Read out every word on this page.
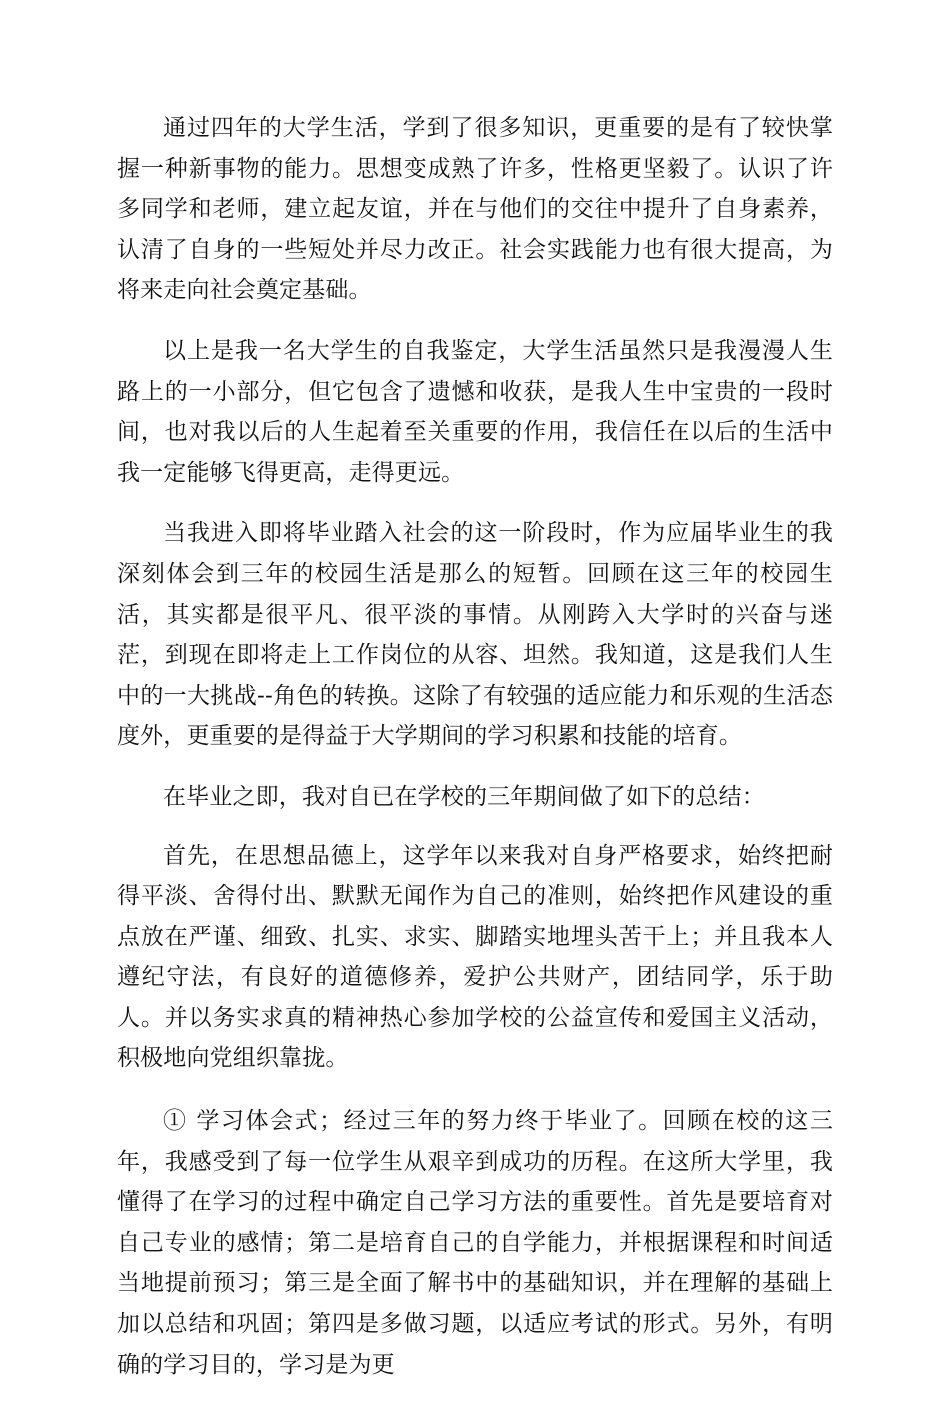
通过四年的大学生活，学到了很多知识，更重要的是有了较快掌握一种新事物的能力。思想变成熟了许多，性格更坚毅了。认识了许多同学和老师，建立起友谊，并在与他们的交往中提升了自身素养，认清了自身的一些短处并尽力改正。社会实践能力也有很大提高，为将来走向社会奠定基础。

以上是我一名大学生的自我鉴定，大学生活虽然只是我漫漫人生路上的一小部分，但它包含了遗憾和收获，是我人生中宝贵的一段时间，也对我以后的人生起着至关重要的作用，我信任在以后的生活中我一定能够飞得更高，走得更远。

当我进入即将毕业踏入社会的这一阶段时，作为应届毕业生的我深刻体会到三年的校园生活是那么的短暂。回顾在这三年的校园生活，其实都是很平凡、很平淡的事情。从刚跨入大学时的兴奋与迷茫，到现在即将走上工作岗位的从容、坦然。我知道，这是我们人生中的一大挑战--角色的转换。这除了有较强的适应能力和乐观的生活态度外，更重要的是得益于大学期间的学习积累和技能的培育。

在毕业之即，我对自已在学校的三年期间做了如下的总结：

首先，在思想品德上，这学年以来我对自身严格要求，始终把耐得平淡、舍得付出、默默无闻作为自己的准则，始终把作风建设的重点放在严谨、细致、扎实、求实、脚踏实地埋头苦干上；并且我本人遵纪守法，有良好的道德修养，爱护公共财产，团结同学，乐于助人。并以务实求真的精神热心参加学校的公益宣传和爱国主义活动，积极地向党组织靠拢。

① 学习体会式；经过三年的努力终于毕业了。回顾在校的这三年，我感受到了每一位学生从艰辛到成功的历程。在这所大学里，我懂得了在学习的过程中确定自己学习方法的重要性。首先是要培育对自己专业的感情；第二是培育自己的自学能力，并根据课程和时间适当地提前预习；第三是全面了解书中的基础知识，并在理解的基础上加以总结和巩固；第四是多做习题，以适应考试的形式。另外，有明确的学习目的，学习是为更
